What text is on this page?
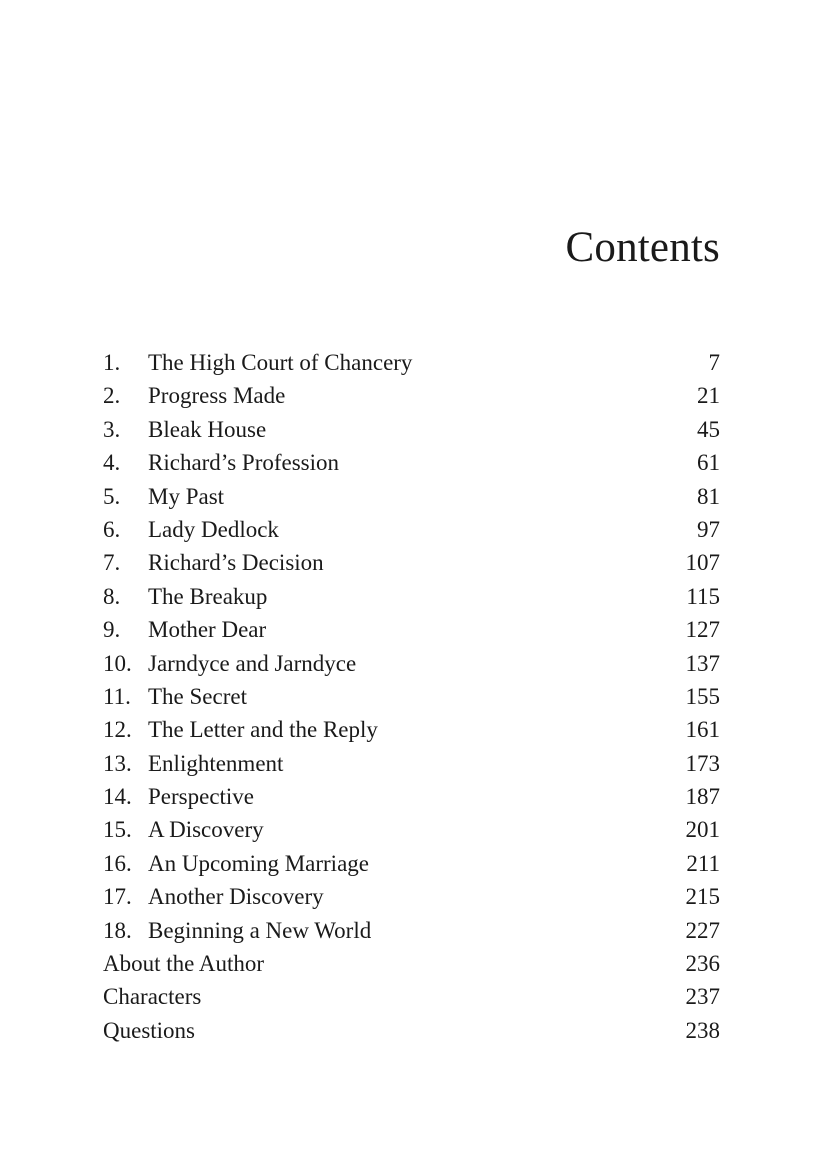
Contents
1.	The High Court of Chancery	7
2.	Progress Made	21
3.	Bleak House	45
4.	Richard’s Profession	61
5.	My Past	81
6.	Lady Dedlock	97
7.	Richard’s Decision	107
8.	The Breakup	115
9.	Mother Dear	127
10. Jarndyce and Jarndyce	137
11. The Secret	155
12. The Letter and the Reply	161
13. Enlightenment	173
14. Perspective	187
15. A Discovery	201
16. An Upcoming Marriage	211
17. Another Discovery	215
18. Beginning a New World	227
About the Author	236
Characters	237
Questions	238
